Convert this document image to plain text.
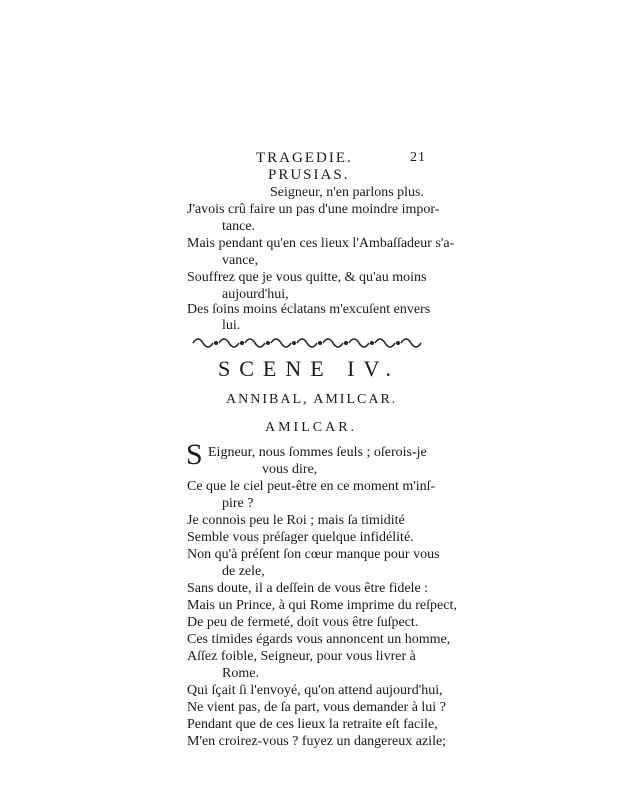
TRAGEDIE.	21
PRUSIAS.
Seigneur, n'en parlons plus.
J'avois crû faire un pas d'une moindre impor-
tance.
Mais pendant qu'en ces lieux l'Ambaſſadeur s'a-
vance,
Souffrez que je vous quitte, & qu'au moins
aujourd'hui,
Des ſoins moins éclatans m'excuſent envers
lui.
SCENE IV.
ANNIBAL, AMILCAR.
AMILCAR.
S Eigneur, nous ſommes ſeuls ; oſerois-je
vous dire,
Ce que le ciel peut-être en ce moment m'inſ-
pire ?
Je connois peu le Roi ; mais ſa timidité
Semble vous préſager quelque infidélité.
Non qu'à préſent ſon cœur manque pour vous
de zele,
Sans doute, il a deſſein de vous être fidele :
Mais un Prince, à qui Rome imprime du reſpect,
De peu de fermeté, doit vous être ſuſpect.
Ces timides égards vous annoncent un homme,
Aſſez foible, Seigneur, pour vous livrer à
Rome.
Qui ſçait ſi l'envoyé, qu'on attend aujourd'hui,
Ne vient pas, de ſa part, vous demander à lui ?
Pendant que de ces lieux la retraite eſt facile,
M'en croirez-vous ? fuyez un dangereux azile;
